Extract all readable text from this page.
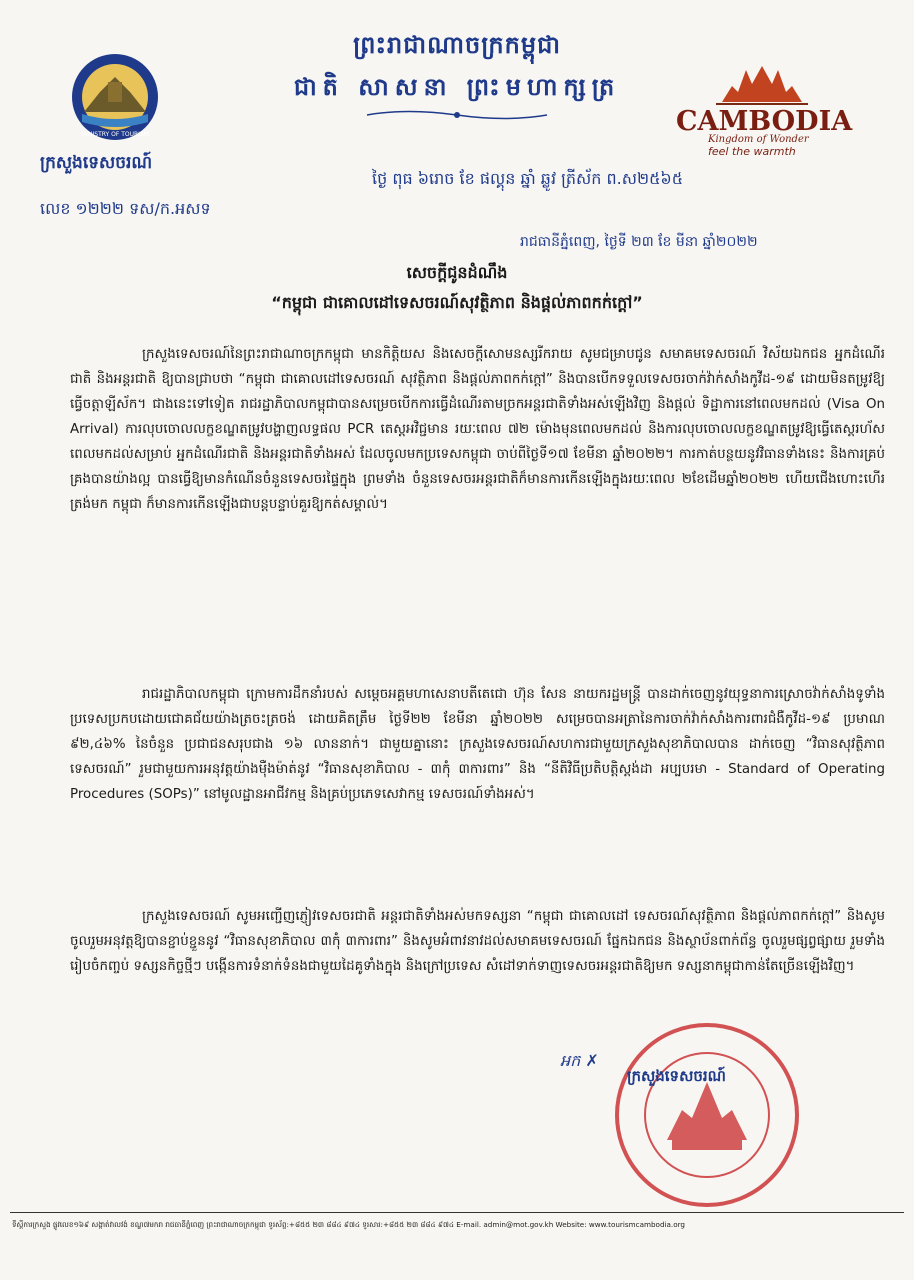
MINISTRY OF TOURISM	CAMBODIA
Kingdom of Wonder
feel the warmth
ព្រះរាជាណាចក្រកម្ពុជា
ជាតិ សាសនា ព្រះមហាក្សត្រ
ក្រសួងទេសចរណ៍
លេខ ១២២២ ទស/ក.អសទ
ថ្ងៃ ពុធ ៦រោច ខែ ផល្គុន ឆ្នាំ ឆ្លូវ ត្រីស័ក ព.ស២៥៦៥
រាជធានីភ្នំពេញ, ថ្ងៃទី ២៣ ខែ មីនា ឆ្នាំ២០២២
សេចក្តីជូនដំណឹង
“កម្ពុជា ជាគោលដៅទេសចរណ៍សុវត្ថិភាព និងផ្តល់ភាពកក់ក្តៅ”
ក្រសួងទេសចរណ៍នៃព្រះរាជាណាចក្រកម្ពុជា មានកិត្តិយស និងសេចក្តីសោមនស្សរីករាយ សូមជម្រាបជូន សមាគមទេសចរណ៍ វិស័យឯកជន អ្នកដំណើរជាតិ និងអន្តរជាតិ ឱ្យបានជ្រាបថា “កម្ពុជា ជាគោលដៅទេសចរណ៍ សុវត្ថិភាព និងផ្តល់ភាពកក់ក្តៅ” និងបានបើកទទួលទេសចរចាក់វ៉ាក់សាំងកូវីដ-១៩ ដោយមិនតម្រូវឱ្យធ្វើចត្តាឡីស័ក។ ជាងនេះទៅទៀត រាជរដ្ឋាភិបាលកម្ពុជាបានសម្រេចបើកការធ្វើដំណើរតាមច្រកអន្តរជាតិទាំងអស់ឡើងវិញ និងផ្តល់ ទិដ្ឋាការនៅពេលមកដល់ (Visa On Arrival) ការលុបចោលលក្ខខណ្ឌតម្រូវបង្ហាញលទ្ធផល PCR តេស្តអវិជ្ជមាន រយៈពេល ៧២ ម៉ោងមុនពេលមកដល់ និងការលុបចោលលក្ខខណ្ឌតម្រូវឱ្យធ្វើតេស្តរហ័សពេលមកដល់សម្រាប់ អ្នកដំណើរជាតិ និងអន្តរជាតិទាំងអស់ ដែលចូលមកប្រទេសកម្ពុជា ចាប់ពីថ្ងៃទី១៧ ខែមីនា ឆ្នាំ២០២២។ ការកាត់បន្ថយនូវវិធានទាំងនេះ និងការគ្រប់គ្រងបានយ៉ាងល្អ បានធ្វើឱ្យមានកំណើនចំនួនទេសចរផ្ទៃក្នុង ព្រមទាំង ចំនួនទេសចរអន្តរជាតិក៏មានការកើនឡើងក្នុងរយៈពេល ២ខែដើមឆ្នាំ២០២២ ហើយជើងហោះហើរត្រង់មក កម្ពុជា ក៏មានការកើនឡើងជាបន្តបន្ទាប់គួរឱ្យកត់សម្គាល់។
រាជរដ្ឋាភិបាលកម្ពុជា ក្រោមការដឹកនាំរបស់ សម្តេចអគ្គមហាសេនាបតីតេជោ ហ៊ុន សែន នាយករដ្ឋមន្ត្រី បានដាក់ចេញនូវយុទ្ធនាការស្រោចវ៉ាក់សាំងទូទាំងប្រទេសប្រកបដោយជោគជ័យយ៉ាងត្រចះត្រចង់ ដោយគិតត្រឹម ថ្ងៃទី២២ ខែមីនា ឆ្នាំ២០២២ សម្រេចបានអត្រានៃការចាក់វ៉ាក់សាំងការពារជំងឺកូវីដ-១៩ ប្រមាណ ៩២,៤៦% នៃចំនួន ប្រជាជនសរុបជាង ១៦ លាននាក់។ ជាមួយគ្នានោះ ក្រសួងទេសចរណ៍សហការជាមួយក្រសួងសុខាភិបាលបាន ដាក់ចេញ “វិធានសុវត្ថិភាព ទេសចរណ៍” រួមជាមួយការអនុវត្តយ៉ាងម៉ឺងម៉ាត់នូវ “វិធានសុខាភិបាល - ៣កុំ ៣ការពារ” និង “នីតិវិធីប្រតិបត្តិស្តង់ដា អប្បបរមា - Standard of Operating Procedures (SOPs)” នៅមូលដ្ឋានអាជីវកម្ម និងគ្រប់ប្រភេទសេវាកម្ម ទេសចរណ៍ទាំងអស់។
ក្រសួងទេសចរណ៍ សូមអញ្ជើញភ្ញៀវទេសចរជាតិ អន្តរជាតិទាំងអស់មកទស្សនា “កម្ពុជា ជាគោលដៅ ទេសចរណ៍សុវត្ថិភាព និងផ្តល់ភាពកក់ក្តៅ” និងសូមចូលរួមអនុវត្តឱ្យបានខ្ជាប់ខ្ជួននូវ “វិធានសុខាភិបាល ៣កុំ ៣ការពារ” និងសូមអំពាវនាវដល់សមាគមទេសចរណ៍ ផ្នែកឯកជន និងស្ថាប័នពាក់ព័ន្ធ ចូលរួមផ្សព្វផ្សាយ រួមទាំងរៀបចំកញ្ចប់ ទស្សនកិច្ចថ្មីៗ បង្កើនការទំនាក់ទំនងជាមួយដៃគូទាំងក្នុង និងក្រៅប្រទេស សំដៅទាក់ទាញទេសចរអន្តរជាតិឱ្យមក ទស្សនាកម្ពុជាកាន់តែច្រើនឡើងវិញ។
អក ✗
ក្រសួងទេសចរណ៍
ទីស្តីការក្រសួង ផ្លូវលេខ១៦៩ សង្កាត់វាលវង់ ខណ្ឌ៧មករា រាជធានីភ្នំពេញ ព្រះរាជាណាចក្រកម្ពុជា ទូរស័ព្ទ:+៨៥៥ ២៣ ៨៨៤ ៩៧៤ ទូរសារ:+៨៥៥ ២៣ ៨៨៤ ៩៧៤ E-mail. admin@mot.gov.kh Website: www.tourismcambodia.org
